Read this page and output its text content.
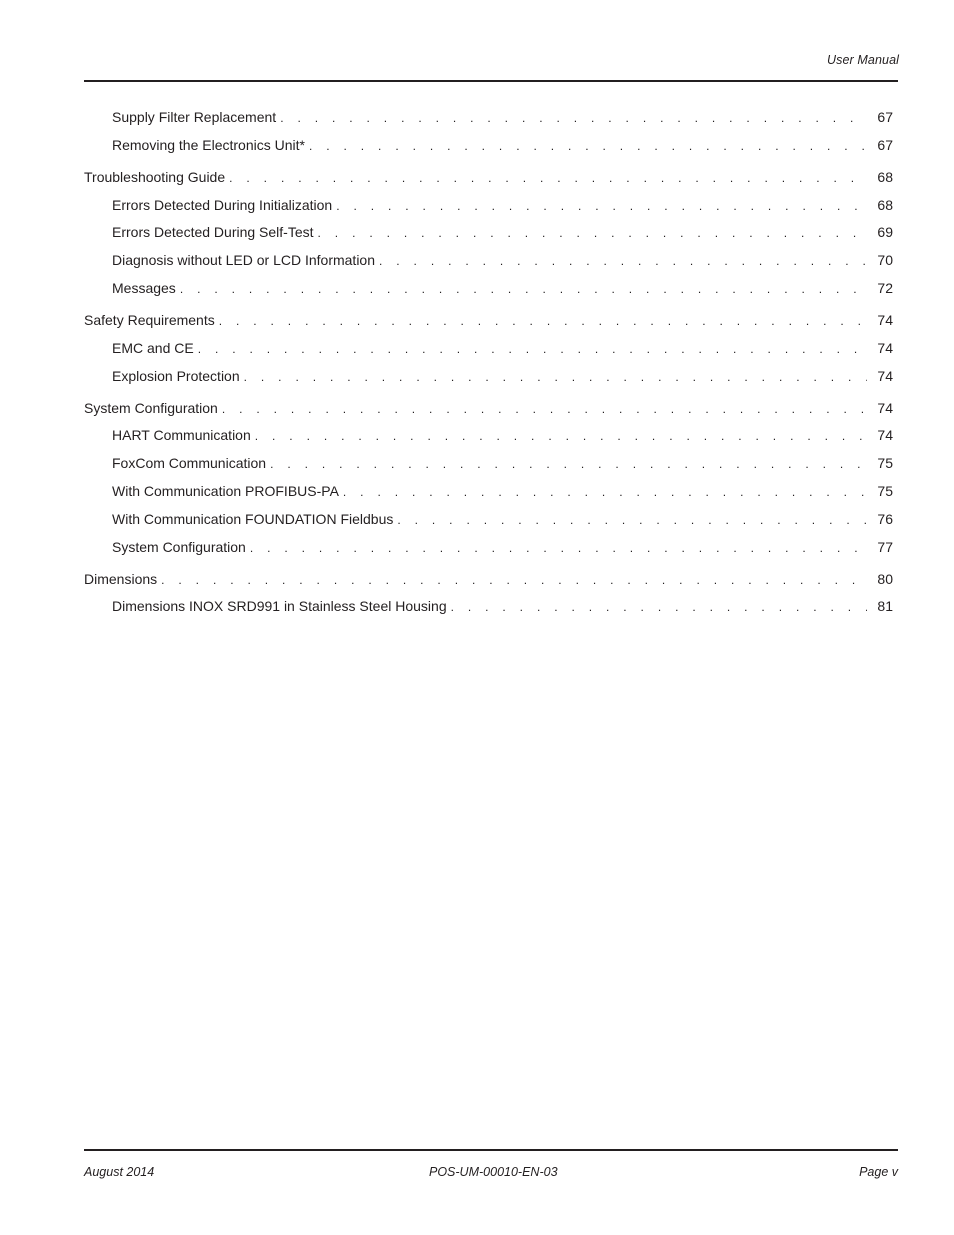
User Manual
Supply Filter Replacement . . .	67
Removing the Electronics Unit* . . .	67
Troubleshooting Guide . . .	68
Errors Detected During Initialization . . .	68
Errors Detected During Self-Test . . .	69
Diagnosis without LED or LCD Information . . .	70
Messages . . .	72
Safety Requirements . . .	74
EMC and CE . . .	74
Explosion Protection . . .	74
System Configuration . . .	74
HART Communication . . .	74
FoxCom Communication . . .	75
With Communication PROFIBUS-PA . . .	75
With Communication FOUNDATION Fieldbus . . .	76
System Configuration . . .	77
Dimensions . . .	80
Dimensions INOX SRD991 in Stainless Steel Housing . . .	81
August 2014	POS-UM-00010-EN-03	Page v
